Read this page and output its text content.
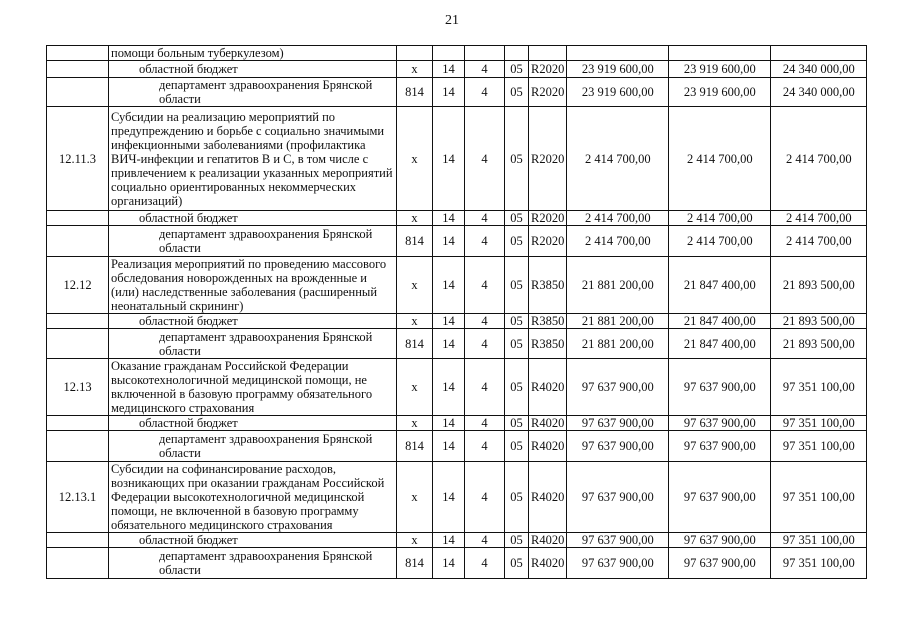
21
	помощи больным туберкулезом)								
	областной бюджет	x	14	4	05	R2020	23 919 600,00	23 919 600,00	24 340 000,00
	департамент здравоохранения Брянской области	814	14	4	05	R2020	23 919 600,00	23 919 600,00	24 340 000,00
12.11.3	Субсидии на реализацию мероприятий по предупреждению и борьбе с социально значимыми инфекционными заболеваниями (профилактика ВИЧ-инфекции и гепатитов В и С, в том числе с привлечением к реализации указанных мероприятий социально ориентированных некоммерческих организаций)	x	14	4	05	R2020	2 414 700,00	2 414 700,00	2 414 700,00
	областной бюджет	x	14	4	05	R2020	2 414 700,00	2 414 700,00	2 414 700,00
	департамент здравоохранения Брянской области	814	14	4	05	R2020	2 414 700,00	2 414 700,00	2 414 700,00
12.12	Реализация мероприятий по проведению массового обследования новорожденных на врожденные и (или) наследственные заболевания (расширенный неонатальный скрининг)	x	14	4	05	R3850	21 881 200,00	21 847 400,00	21 893 500,00
	областной бюджет	x	14	4	05	R3850	21 881 200,00	21 847 400,00	21 893 500,00
	департамент здравоохранения Брянской области	814	14	4	05	R3850	21 881 200,00	21 847 400,00	21 893 500,00
12.13	Оказание гражданам Российской Федерации высокотехнологичной медицинской помощи, не включенной в базовую программу обязательного медицинского страхования	x	14	4	05	R4020	97 637 900,00	97 637 900,00	97 351 100,00
	областной бюджет	x	14	4	05	R4020	97 637 900,00	97 637 900,00	97 351 100,00
	департамент здравоохранения Брянской области	814	14	4	05	R4020	97 637 900,00	97 637 900,00	97 351 100,00
12.13.1	Субсидии на софинансирование расходов, возникающих при оказании гражданам Российской Федерации высокотехнологичной медицинской помощи, не включенной в базовую программу обязательного медицинского страхования	x	14	4	05	R4020	97 637 900,00	97 637 900,00	97 351 100,00
	областной бюджет	x	14	4	05	R4020	97 637 900,00	97 637 900,00	97 351 100,00
	департамент здравоохранения Брянской области	814	14	4	05	R4020	97 637 900,00	97 637 900,00	97 351 100,00
